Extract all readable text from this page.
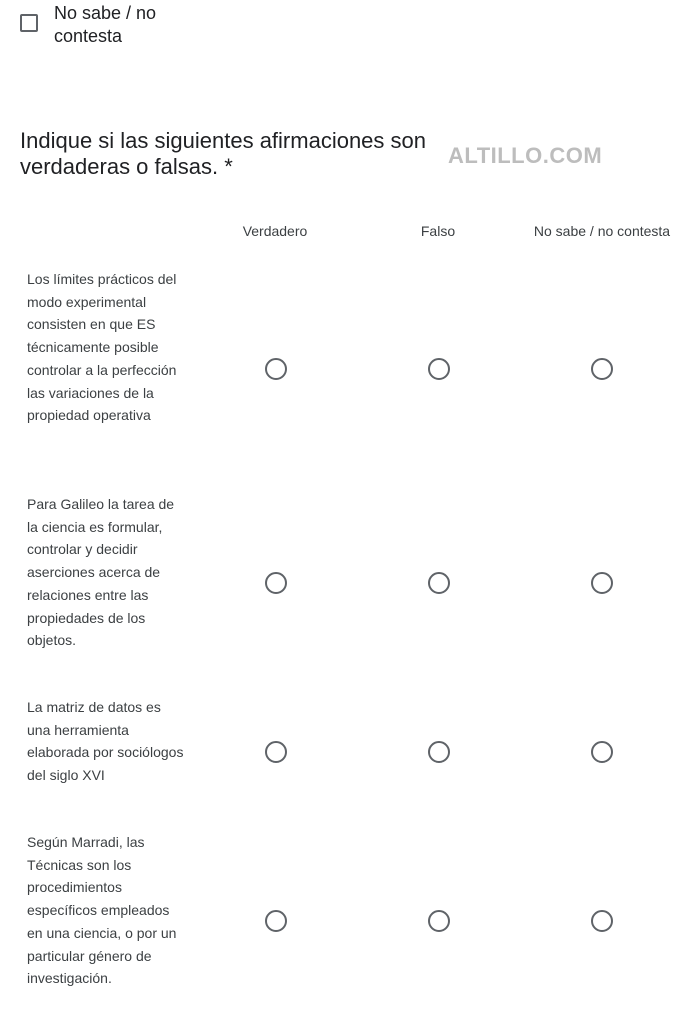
No sabe / no contesta
Indique si las siguientes afirmaciones son verdaderas o falsas. *	ALTILLO.COM
Verdadero	Falso	No sabe / no contesta
Los límites prácticos del modo experimental consisten en que ES técnicamente posible controlar a la perfección las variaciones de la propiedad operativa
Para Galileo la tarea de la ciencia es formular, controlar y decidir aserciones acerca de relaciones entre las propiedades de los objetos.
La matriz de datos es una herramienta elaborada por sociólogos del siglo XVI
Según Marradi, las Técnicas son los procedimientos específicos empleados en una ciencia, o por un particular género de investigación.
